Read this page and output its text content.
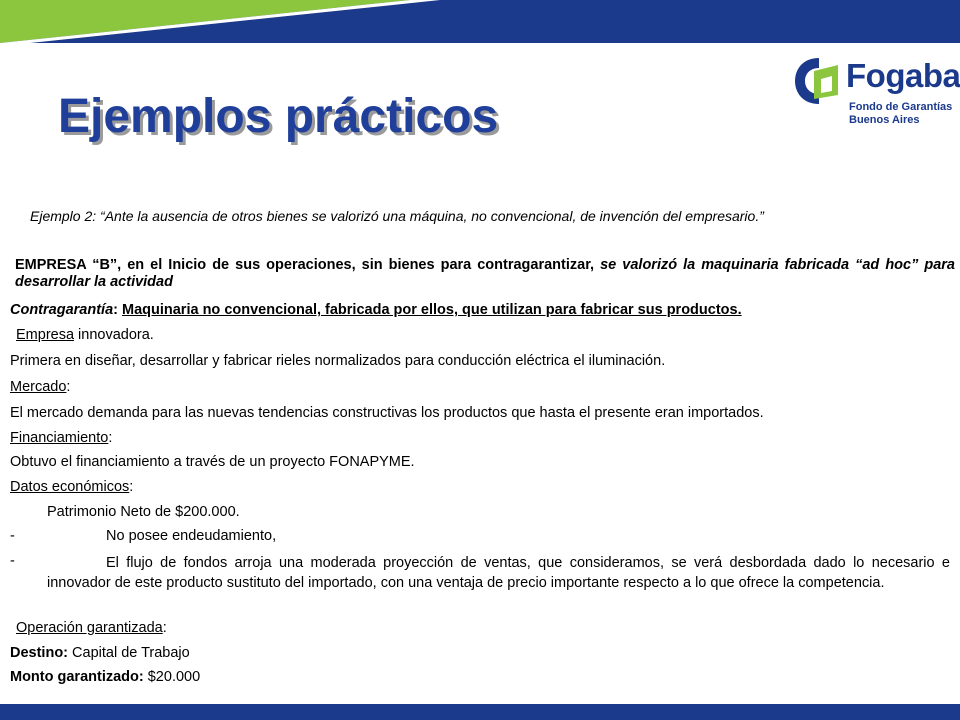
Fogaba
Fondo de Garantías
Buenos Aires
Ejemplos prácticos
Ejemplo 2: “Ante la ausencia de otros bienes se valorizó una máquina, no convencional, de invención del empresario.”
EMPRESA “B”, en el Inicio de sus operaciones, sin bienes para contragarantizar, se valorizó la maquinaria fabricada “ad hoc” para desarrollar la actividad
Contragarantía: Maquinaria no convencional, fabricada por ellos, que utilizan para fabricar sus productos.
Empresa innovadora.
Primera en diseñar, desarrollar y fabricar rieles normalizados para conducción eléctrica el iluminación.
Mercado:
El mercado demanda para las nuevas tendencias constructivas los productos que hasta el presente eran importados.
Financiamiento:
Obtuvo el financiamiento a través de un proyecto FONAPYME.
Datos económicos:
Patrimonio Neto de $200.000.
-	No posee endeudamiento,
-	El flujo de fondos arroja una moderada proyección de ventas, que consideramos, se verá desbordada dado lo necesario e innovador de este producto sustituto del importado, con una ventaja de precio importante respecto a lo que ofrece la competencia.
Operación garantizada:
Destino: Capital de Trabajo
Monto garantizado: $20.000
